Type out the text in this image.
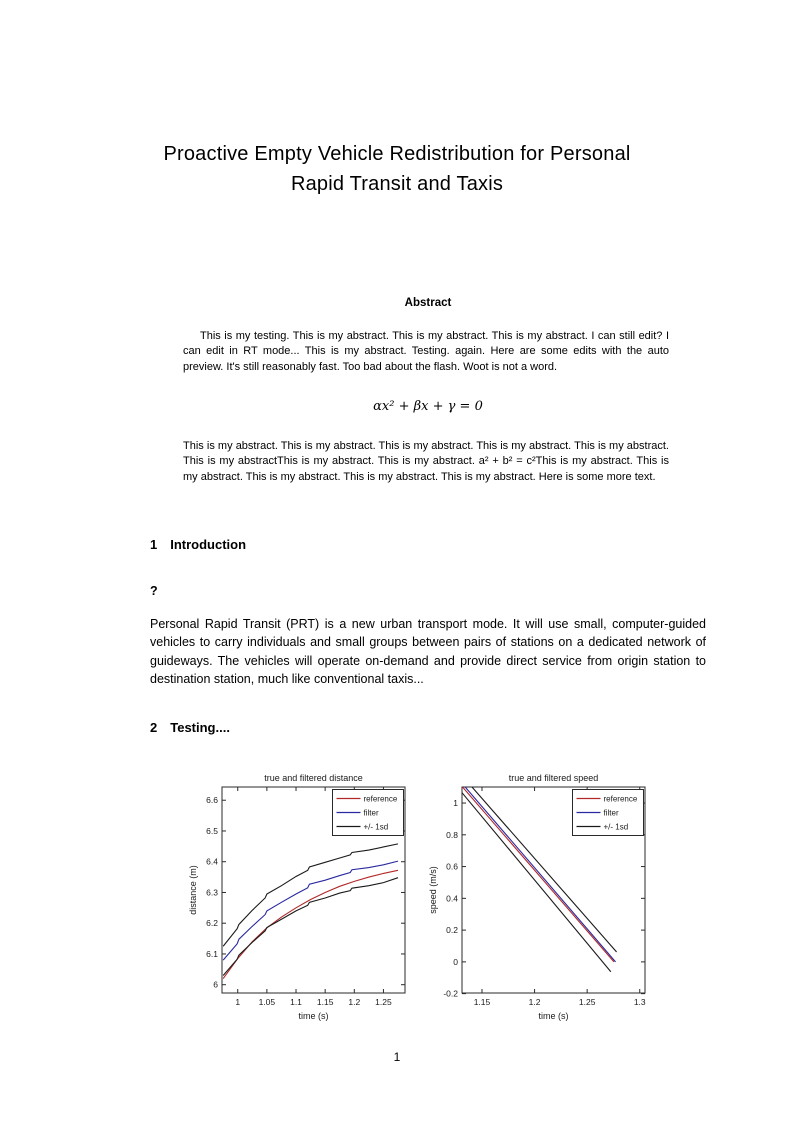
Proactive Empty Vehicle Redistribution for Personal
Rapid Transit and Taxis
Abstract
This is my testing. This is my abstract. This is my abstract. This is my abstract. I can still edit? I can edit in RT mode... This is my abstract. Testing. again. Here are some edits with the auto preview. It's still reasonably fast. Too bad about the flash. Woot is not a word.
αx² + βx + γ = 0
This is my abstract. This is my abstract. This is my abstract. This is my abstract. This is my abstract. This is my abstractThis is my abstract. This is my abstract. a² + b² = c²This is my abstract. This is my abstract. This is my abstract. This is my abstract. This is my abstract. Here is some more text.
1 Introduction
?
Personal Rapid Transit (PRT) is a new urban transport mode. It will use small, computer-guided vehicles to carry individuals and small groups between pairs of stations on a dedicated network of guideways. The vehicles will operate on-demand and provide direct service from origin station to destination station, much like conventional taxis...
2 Testing....
true and filtered distance
1 1.05 1.1 1.15 1.2 1.25
6
6.1
6.2
6.3
6.4
6.5
6.6
time (s)
distance (m)
reference
filter
+/- 1sd
true and filtered speed
1.15	1.2	1.25	1.3
-0.2
0
0.2
0.4
0.6
0.8
1
time (s)
speed (m/s)
reference
filter
+/- 1sd
1
